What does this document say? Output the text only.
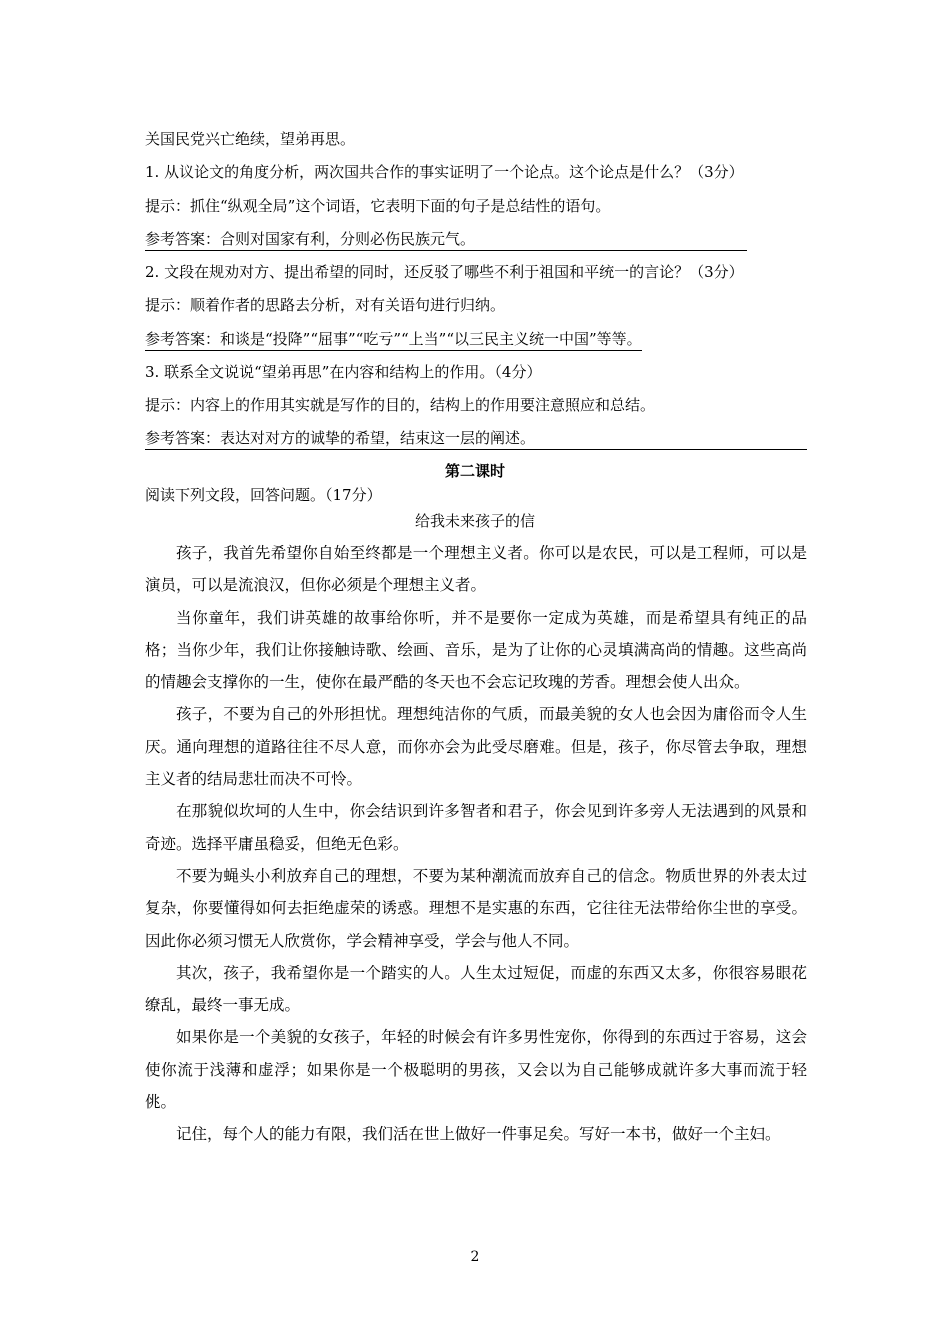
关国民党兴亡绝续，望弟再思。
1. 从议论文的角度分析，两次国共合作的事实证明了一个论点。这个论点是什么？（3分）
提示：抓住“纵观全局”这个词语，它表明下面的句子是总结性的语句。
参考答案：合则对国家有利，分则必伤民族元气。
2. 文段在规劝对方、提出希望的同时，还反驳了哪些不利于祖国和平统一的言论？（3分）
提示：顺着作者的思路去分析，对有关语句进行归纳。
参考答案：和谈是“投降”“屈事”“吃亏”“上当”“以三民主义统一中国”等等。
3. 联系全文说说“望弟再思”在内容和结构上的作用。（4分）
提示：内容上的作用其实就是写作的目的，结构上的作用要注意照应和总结。
参考答案：表达对对方的诚挚的希望，结束这一层的阐述。
第二课时
阅读下列文段，回答问题。（17分）
给我未来孩子的信

孩子，我首先希望你自始至终都是一个理想主义者。你可以是农民，可以是工程师，可以是演员，可以是流浪汉，但你必须是个理想主义者。

当你童年，我们讲英雄的故事给你听，并不是要你一定成为英雄，而是希望具有纯正的品格；当你少年，我们让你接触诗歌、绘画、音乐，是为了让你的心灵填满高尚的情趣。这些高尚的情趣会支撑你的一生，使你在最严酷的冬天也不会忘记玫瑰的芳香。理想会使人出众。

孩子，不要为自己的外形担忧。理想纯洁你的气质，而最美貌的女人也会因为庸俗而令人生厌。通向理想的道路往往不尽人意，而你亦会为此受尽磨难。但是，孩子，你尽管去争取，理想主义者的结局悲壮而决不可怜。

在那貌似坎坷的人生中，你会结识到许多智者和君子，你会见到许多旁人无法遇到的风景和奇迹。选择平庸虽稳妥，但绝无色彩。

不要为蝇头小利放弃自己的理想，不要为某种潮流而放弃自己的信念。物质世界的外表太过复杂，你要懂得如何去拒绝虚荣的诱惑。理想不是实惠的东西，它往往无法带给你尘世的享受。因此你必须习惯无人欣赏你，学会精神享受，学会与他人不同。

其次，孩子，我希望你是一个踏实的人。人生太过短促，而虚的东西又太多，你很容易眼花缭乱，最终一事无成。

如果你是一个美貌的女孩子，年轻的时候会有许多男性宠你，你得到的东西过于容易，这会使你流于浅薄和虚浮；如果你是一个极聪明的男孩，又会以为自己能够成就许多大事而流于轻佻。

记住，每个人的能力有限，我们活在世上做好一件事足矣。写好一本书，做好一个主妇。

2
